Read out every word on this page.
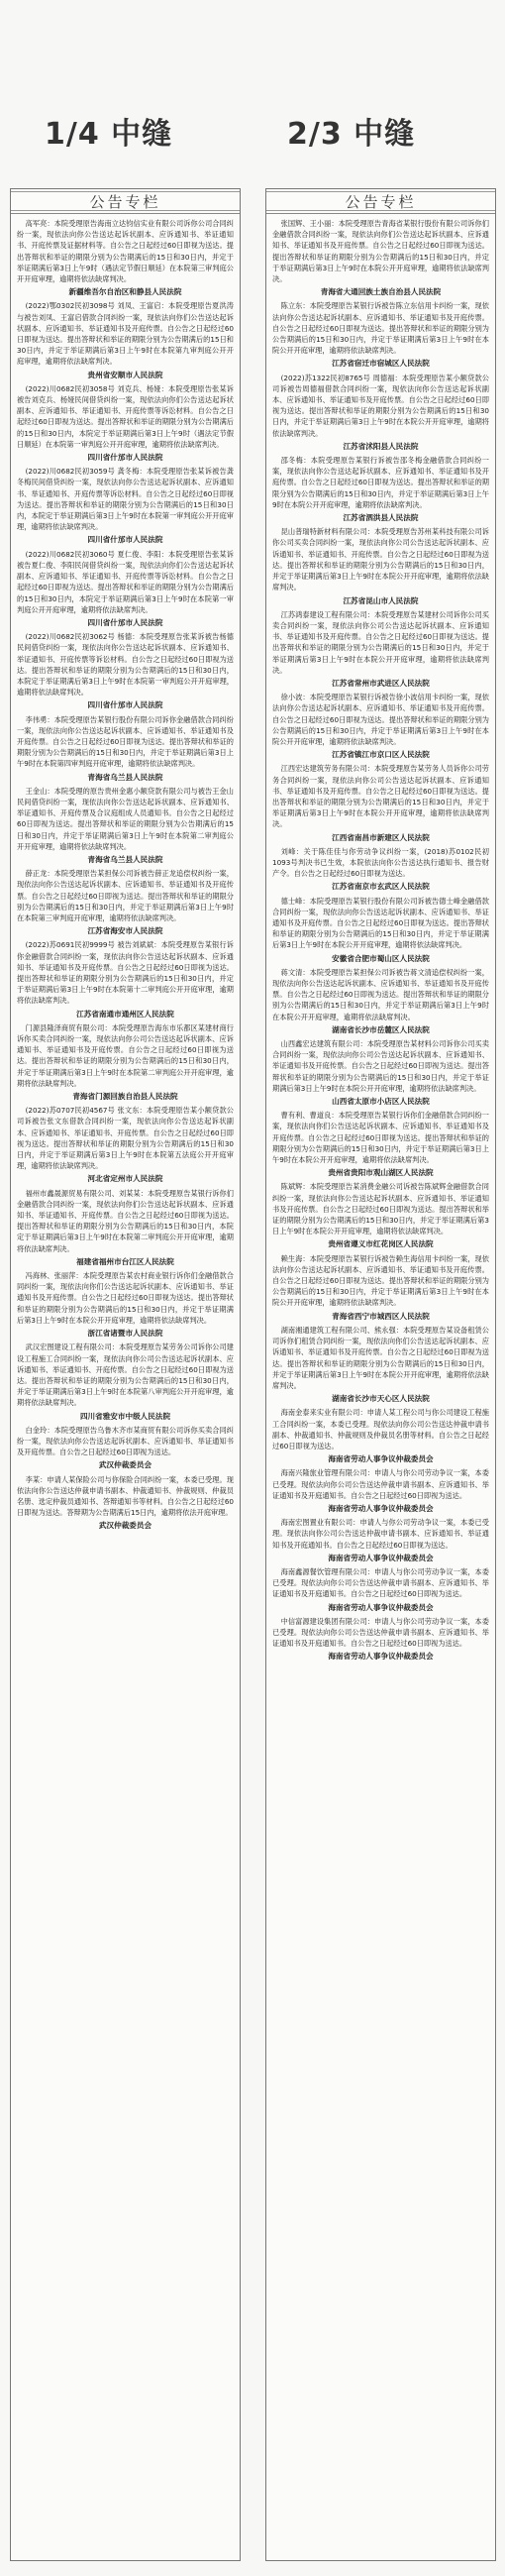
1/4 中缝	2/3 中缝
公告专栏

高军亮：本院受理原告海南立达钧信实业有限公司诉你公司合同纠纷一案，现依法向你公告送达起诉状副本、应诉通知书、举证通知书、开庭传票及证据材料等。自公告之日起经过60日即视为送达。提出答辩状和举证的期限分别为公告期满后的15日和30日内，并定于举证期满后第3日上午9时（遇法定节假日顺延）在本院第三审判庭公开开庭审理，逾期将依法缺席判决。

新疆维吾尔自治区和静县人民法院

(2022)鄂0302民初3098号 刘凤、王富启：本院受理原告夏洪涛与被告刘凤、王富启借款合同纠纷一案，现依法向你们公告送达起诉状副本、应诉通知书、举证通知书及开庭传票。自公告之日起经过60日即视为送达。提出答辩状和举证的期限分别为公告期满后的15日和30日内，并定于举证期满后第3日上午9时在本院第九审判庭公开开庭审理，逾期将依法缺席判决。

贵州省安顺市人民法院

(2022)川0682民初3058号 刘克兵、杨娅：本院受理原告张某诉被告刘克兵、杨娅民间借贷纠纷一案，现依法向你们公告送达起诉状副本、应诉通知书、举证通知书、开庭传票等诉讼材料。自公告之日起经过60日即视为送达。提出答辩状和举证的期限分别为公告期满后的15日和30日内，本院定于举证期满后第3日上午9时（遇法定节假日顺延）在本院第一审判庭公开开庭审理，逾期将依法缺席判决。

四川省什邡市人民法院

(2022)川0682民初3059号 龚冬梅：本院受理原告张某诉被告龚冬梅民间借贷纠纷一案，现依法向你公告送达起诉状副本、应诉通知书、举证通知书、开庭传票等诉讼材料。自公告之日起经过60日即视为送达。提出答辩状和举证的期限分别为公告期满后的15日和30日内，本院定于举证期满后第3日上午9时在本院第一审判庭公开开庭审理，逾期将依法缺席判决。

四川省什邡市人民法院

(2022)川0682民初3060号 夏仁俊、李阳：本院受理原告张某诉被告夏仁俊、李阳民间借贷纠纷一案，现依法向你们公告送达起诉状副本、应诉通知书、举证通知书、开庭传票等诉讼材料。自公告之日起经过60日即视为送达。提出答辩状和举证的期限分别为公告期满后的15日和30日内，本院定于举证期满后第3日上午9时在本院第一审判庭公开开庭审理，逾期将依法缺席判决。

四川省什邡市人民法院

(2022)川0682民初3062号 杨德：本院受理原告张某诉被告杨德民间借贷纠纷一案，现依法向你公告送达起诉状副本、应诉通知书、举证通知书、开庭传票等诉讼材料。自公告之日起经过60日即视为送达。提出答辩状和举证的期限分别为公告期满后的15日和30日内，本院定于举证期满后第3日上午9时在本院第一审判庭公开开庭审理，逾期将依法缺席判决。

四川省什邡市人民法院

李伟勇：本院受理原告某银行股份有限公司诉你金融借款合同纠纷一案，现依法向你公告送达起诉状副本、应诉通知书、举证通知书及开庭传票。自公告之日起经过60日即视为送达。提出答辩状和举证的期限分别为公告期满后的15日和30日内，并定于举证期满后第3日上午9时在本院第四审判庭开庭审理，逾期将依法缺席判决。

青海省乌兰县人民法院

王金山：本院受理的原告贵州金惠小额贷款有限公司与被告王金山民间借贷纠纷一案，现依法向你公告送达起诉状副本、应诉通知书、举证通知书、开庭传票及合议庭组成人员通知书。自公告之日起经过60日即视为送达。提出答辩状和举证的期限分别为公告期满后的15日和30日内，并定于举证期满后第3日上午9时在本院第二审判庭公开开庭审理，逾期将依法缺席判决。

青海省乌兰县人民法院

薛正龙：本院受理原告某担保公司诉被告薛正龙追偿权纠纷一案，现依法向你公告送达起诉状副本、应诉通知书、举证通知书及开庭传票。自公告之日起经过60日即视为送达。提出答辩状和举证的期限分别为公告期满后的15日和30日内，并定于举证期满后第3日上午9时在本院第三审判庭开庭审理，逾期将依法缺席判决。

江苏省海安市人民法院

(2022)苏0691民初9999号 被告刘斌斌：本院受理原告某银行诉你金融借款合同纠纷一案，现依法向你公告送达起诉状副本、应诉通知书、举证通知书及开庭传票。自公告之日起经过60日即视为送达。提出答辩状和举证的期限分别为公告期满后的15日和30日内，并定于举证期满后第3日上午9时在本院第十二审判庭公开开庭审理，逾期将依法缺席判决。

江苏省南通市通州区人民法院

门源县隆泽商贸有限公司：本院受理原告海东市乐都区某建材商行诉你买卖合同纠纷一案，现依法向你公司公告送达起诉状副本、应诉通知书、举证通知书及开庭传票。自公告之日起经过60日即视为送达。提出答辩状和举证的期限分别为公告期满后的15日和30日内，并定于举证期满后第3日上午9时在本院第二审判庭公开开庭审理，逾期将依法缺席判决。

青海省门源回族自治县人民法院

(2022)苏0707民初4567号 张文东：本院受理原告某小额贷款公司诉被告张文东借款合同纠纷一案，现依法向你公告送达起诉状副本、应诉通知书、举证通知书、开庭传票。自公告之日起经过60日即视为送达。提出答辩状和举证的期限分别为公告期满后的15日和30日内，并定于举证期满后第3日上午9时在本院第五法庭公开开庭审理，逾期将依法缺席判决。

河北省定州市人民法院

福州市鑫晟源贸易有限公司、刘某某：本院受理原告某银行诉你们金融借款合同纠纷一案，现依法向你们公告送达起诉状副本、应诉通知书、举证通知书、开庭传票。自公告之日起经过60日即视为送达。提出答辩状和举证的期限分别为公告期满后的15日和30日内，本院定于举证期满后第3日上午9时在本院第二审判庭公开开庭审理，逾期将依法缺席判决。

福建省福州市台江区人民法院

冯海林、张丽萍：本院受理原告某农村商业银行诉你们金融借款合同纠纷一案，现依法向你们公告送达起诉状副本、应诉通知书、举证通知书及开庭传票。自公告之日起经过60日即视为送达。提出答辩状和举证的期限分别为公告期满后的15日和30日内，并定于举证期满后第3日上午9时在本院公开开庭审理，逾期将依法缺席判决。

浙江省诸暨市人民法院

武汉宏图建设工程有限公司：本院受理原告某劳务公司诉你公司建设工程施工合同纠纷一案，现依法向你公司公告送达起诉状副本、应诉通知书、举证通知书、开庭传票。自公告之日起经过60日即视为送达。提出答辩状和举证的期限分别为公告期满后的15日和30日内，并定于举证期满后第3日上午9时在本院第八审判庭公开开庭审理，逾期将依法缺席判决。

四川省雅安市中级人民法院

白金玲：本院受理原告乌鲁木齐市某商贸有限公司诉你买卖合同纠纷一案，现依法向你公告送达起诉状副本、应诉通知书、举证通知书及开庭传票。自公告之日起经过60日即视为送达。

武汉仲裁委员会

李某：申请人某保险公司与你保险合同纠纷一案，本委已受理。现依法向你公告送达仲裁申请书副本、仲裁通知书、仲裁规则、仲裁员名册、选定仲裁员通知书、答辩通知书等材料。自公告之日起经过60日即视为送达。答辩期为公告期满后15日内，逾期将依法开庭审理。

武汉仲裁委员会

公告专栏

张国辉、王小丽：本院受理原告青海省某银行股份有限公司诉你们金融借款合同纠纷一案，现依法向你们公告送达起诉状副本、应诉通知书、举证通知书及开庭传票。自公告之日起经过60日即视为送达。提出答辩状和举证的期限分别为公告期满后的15日和30日内，并定于举证期满后第3日上午9时在本院公开开庭审理，逾期将依法缺席判决。

青海省大通回族土族自治县人民法院

陈立东：本院受理原告某银行诉被告陈立东信用卡纠纷一案，现依法向你公告送达起诉状副本、应诉通知书、举证通知书及开庭传票。自公告之日起经过60日即视为送达。提出答辩状和举证的期限分别为公告期满后的15日和30日内，并定于举证期满后第3日上午9时在本院公开开庭审理，逾期将依法缺席判决。

江苏省宿迁市宿城区人民法院

(2022)苏1322民初8765号 周德福：本院受理原告某小额贷款公司诉被告周德福借款合同纠纷一案，现依法向你公告送达起诉状副本、应诉通知书、举证通知书及开庭传票。自公告之日起经过60日即视为送达。提出答辩状和举证的期限分别为公告期满后的15日和30日内，并定于举证期满后第3日上午9时在本院公开开庭审理，逾期将依法缺席判决。

江苏省沭阳县人民法院

邵冬梅：本院受理原告某银行诉被告邵冬梅金融借款合同纠纷一案，现依法向你公告送达起诉状副本、应诉通知书、举证通知书及开庭传票。自公告之日起经过60日即视为送达。提出答辩状和举证的期限分别为公告期满后的15日和30日内，并定于举证期满后第3日上午9时在本院公开开庭审理，逾期将依法缺席判决。

江苏省泗洪县人民法院

昆山普瑞特新材料有限公司：本院受理原告苏州某科技有限公司诉你公司买卖合同纠纷一案，现依法向你公司公告送达起诉状副本、应诉通知书、举证通知书、开庭传票。自公告之日起经过60日即视为送达。提出答辩状和举证的期限分别为公告期满后的15日和30日内，并定于举证期满后第3日上午9时在本院公开开庭审理，逾期将依法缺席判决。

江苏省昆山市人民法院

江苏鸿泰建设工程有限公司：本院受理原告某建材公司诉你公司买卖合同纠纷一案，现依法向你公司公告送达起诉状副本、应诉通知书、举证通知书及开庭传票。自公告之日起经过60日即视为送达。提出答辩状和举证的期限分别为公告期满后的15日和30日内，并定于举证期满后第3日上午9时在本院公开开庭审理，逾期将依法缺席判决。

江苏省常州市武进区人民法院

徐小波：本院受理原告某银行诉被告徐小波信用卡纠纷一案，现依法向你公告送达起诉状副本、应诉通知书、举证通知书及开庭传票。自公告之日起经过60日即视为送达。提出答辩状和举证的期限分别为公告期满后的15日和30日内，并定于举证期满后第3日上午9时在本院公开开庭审理，逾期将依法缺席判决。

江苏省镇江市京口区人民法院

江西宏达建筑劳务有限公司：本院受理原告某劳务人员诉你公司劳务合同纠纷一案，现依法向你公司公告送达起诉状副本、应诉通知书、举证通知书及开庭传票。自公告之日起经过60日即视为送达。提出答辩状和举证的期限分别为公告期满后的15日和30日内，并定于举证期满后第3日上午9时在本院公开开庭审理，逾期将依法缺席判决。

江西省南昌市新建区人民法院

刘峰：关于陈佳佳与你劳动争议纠纷一案，(2018)苏0102民初1093号判决书已生效，本院依法向你公告送达执行通知书、报告财产令。自公告之日起经过60日即视为送达。

江苏省南京市玄武区人民法院

德士峰：本院受理原告某银行股份有限公司诉被告德士峰金融借款合同纠纷一案，现依法向你公告送达起诉状副本、应诉通知书、举证通知书及开庭传票。自公告之日起经过60日即视为送达。提出答辩状和举证的期限分别为公告期满后的15日和30日内，并定于举证期满后第3日上午9时在本院公开开庭审理，逾期将依法缺席判决。

安徽省合肥市蜀山区人民法院

蒋文清：本院受理原告某担保公司诉被告蒋文清追偿权纠纷一案，现依法向你公告送达起诉状副本、应诉通知书、举证通知书及开庭传票。自公告之日起经过60日即视为送达。提出答辩状和举证的期限分别为公告期满后的15日和30日内，并定于举证期满后第3日上午9时在本院公开开庭审理，逾期将依法缺席判决。

湖南省长沙市岳麓区人民法院

山西鑫宏达建筑有限公司：本院受理原告某材料公司诉你公司买卖合同纠纷一案，现依法向你公司公告送达起诉状副本、应诉通知书、举证通知书及开庭传票。自公告之日起经过60日即视为送达。提出答辩状和举证的期限分别为公告期满后的15日和30日内，并定于举证期满后第3日上午9时在本院公开开庭审理，逾期将依法缺席判决。

山西省太原市小店区人民法院

曹有利、曹道良：本院受理原告某银行诉你们金融借款合同纠纷一案，现依法向你们公告送达起诉状副本、应诉通知书、举证通知书及开庭传票。自公告之日起经过60日即视为送达。提出答辩状和举证的期限分别为公告期满后的15日和30日内，并定于举证期满后第3日上午9时在本院公开开庭审理，逾期将依法缺席判决。

贵州省贵阳市观山湖区人民法院

陈斌辉：本院受理原告某消费金融公司诉被告陈斌辉金融借款合同纠纷一案，现依法向你公告送达起诉状副本、应诉通知书、举证通知书及开庭传票。自公告之日起经过60日即视为送达。提出答辩状和举证的期限分别为公告期满后的15日和30日内，并定于举证期满后第3日上午9时在本院公开开庭审理，逾期将依法缺席判决。

贵州省遵义市红花岗区人民法院

赖生海：本院受理原告某银行诉被告赖生海信用卡纠纷一案，现依法向你公告送达起诉状副本、应诉通知书、举证通知书及开庭传票。自公告之日起经过60日即视为送达。提出答辩状和举证的期限分别为公告期满后的15日和30日内，并定于举证期满后第3日上午9时在本院公开开庭审理，逾期将依法缺席判决。

青海省西宁市城西区人民法院

湖南湘通建筑工程有限公司、熊永强：本院受理原告某设备租赁公司诉你们租赁合同纠纷一案，现依法向你们公告送达起诉状副本、应诉通知书、举证通知书及开庭传票。自公告之日起经过60日即视为送达。提出答辩状和举证的期限分别为公告期满后的15日和30日内，并定于举证期满后第3日上午9时在本院公开开庭审理，逾期将依法缺席判决。

湖南省长沙市天心区人民法院

海南金泰来实业有限公司：申请人某工程公司与你公司建设工程施工合同纠纷一案，本委已受理。现依法向你公司公告送达仲裁申请书副本、仲裁通知书、仲裁规则及仲裁员名册等材料。自公告之日起经过60日即视为送达。

海南省劳动人事争议仲裁委员会

海南兴隆旅业管理有限公司：申请人与你公司劳动争议一案，本委已受理。现依法向你公司公告送达仲裁申请书副本、应诉通知书、举证通知书及开庭通知书。自公告之日起经过60日即视为送达。

海南省劳动人事争议仲裁委员会

海南宏图置业有限公司：申请人与你公司劳动争议一案，本委已受理。现依法向你公司公告送达仲裁申请书副本、应诉通知书、举证通知书及开庭通知书。自公告之日起经过60日即视为送达。

海南省劳动人事争议仲裁委员会

海南鑫源餐饮管理有限公司：申请人与你公司劳动争议一案，本委已受理。现依法向你公司公告送达仲裁申请书副本、应诉通知书、举证通知书及开庭通知书。自公告之日起经过60日即视为送达。

海南省劳动人事争议仲裁委员会

中信富源建设集团有限公司：申请人与你公司劳动争议一案，本委已受理。现依法向你公司公告送达仲裁申请书副本、应诉通知书、举证通知书及开庭通知书。自公告之日起经过60日即视为送达。

海南省劳动人事争议仲裁委员会
